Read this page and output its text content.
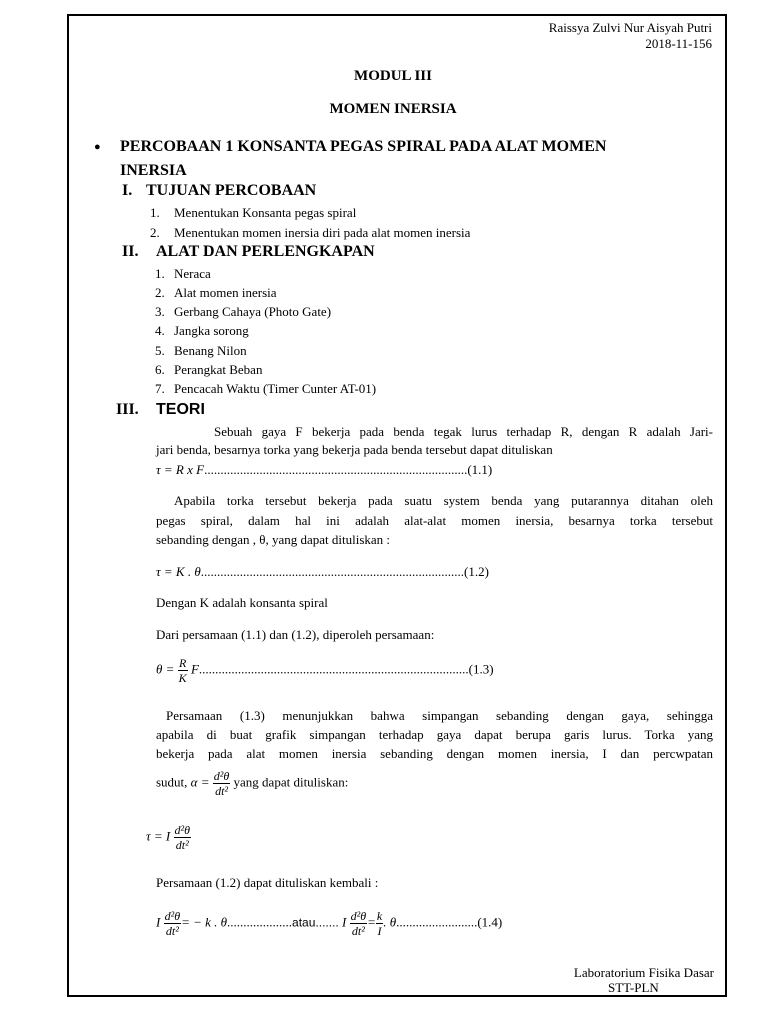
Raissya Zulvi Nur Aisyah Putri
2018-11-156
MODUL III
MOMEN INERSIA
● PERCOBAAN 1 KONSANTA PEGAS SPIRAL PADA ALAT MOMEN
INERSIA
I. TUJUAN PERCOBAAN
1. Menentukan Konsanta pegas spiral
2. Menentukan momen inersia diri pada alat momen inersia
II. ALAT DAN PERLENGKAPAN
1. Neraca
2. Alat momen inersia
3. Gerbang Cahaya (Photo Gate)
4. Jangka sorong
5. Benang Nilon
6. Perangkat Beban
7. Pencacah Waktu (Timer Cunter AT-01)
III. TEORI
Sebuah gaya F bekerja pada benda tegak lurus terhadap R, dengan R adalah Jari-
jari benda, besarnya torka yang bekerja pada benda tersebut dapat dituliskan
τ = R x F.................................................................................(1.1)
Apabila torka tersebut bekerja pada suatu system benda yang putarannya ditahan oleh
pegas spiral, dalam hal ini adalah alat-alat momen inersia, besarnya torka tersebut
sebanding dengan , θ, yang dapat dituliskan :
τ = K . θ.................................................................................(1.2)
Dengan K adalah konsanta spiral
Dari persamaan (1.1) dan (1.2), diperoleh persamaan:
$\theta = \frac{R}{K} F...................................................................................(1.3)$
Persamaan (1.3) menunjukkan bahwa simpangan sebanding dengan gaya, sehingga
apabila di buat grafik simpangan terhadap gaya dapat berupa garis lurus. Torka yang
bekerja pada alat momen inersia sebanding dengan momen inersia, I dan percwpatan
sudut, $\alpha = \frac{\text{d²θ}}{\text{dt²}}$ yang dapat dituliskan:
τ = I $\frac{\text{d²θ}}{\text{dt²}}$
Persamaan (1.2) dapat dituliskan kembali :
I $\frac{\text{d²θ}}{\text{dt²}}$ = − k . θ....................atau....... I $\frac{\text{d²θ}}{\text{dt²}} = \frac{k}{I}$ . θ.........................(1.4)
Laboratorium Fisika Dasar
STT-PLN
